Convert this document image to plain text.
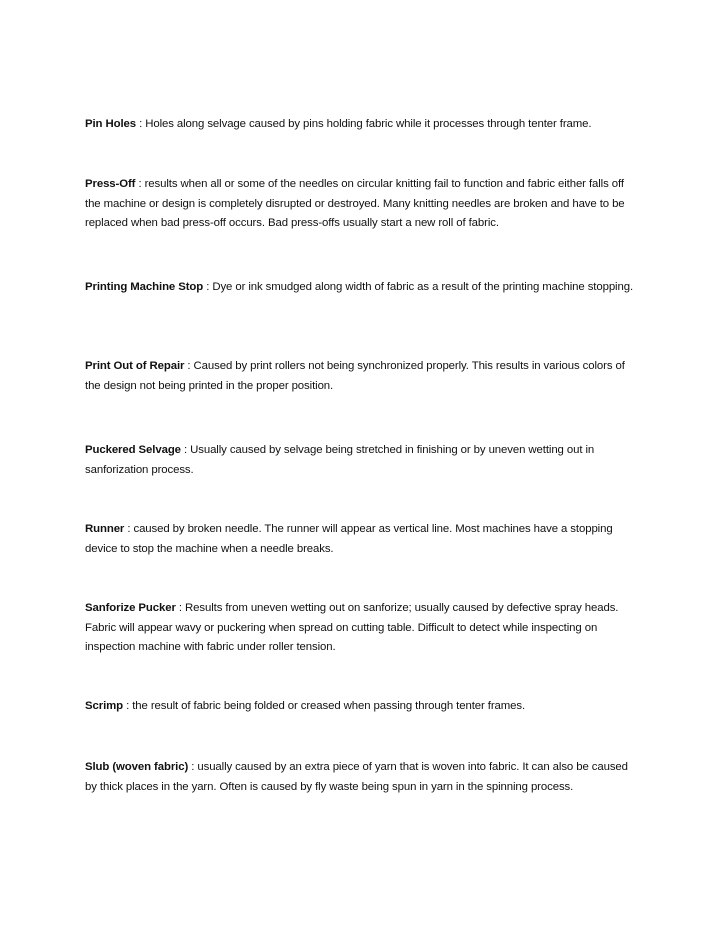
Pin Holes : Holes along selvage caused by pins holding fabric while it processes through tenter frame.

Press-Off : results when all or some of the needles on circular knitting fail to function and fabric either falls off the machine or design is completely disrupted or destroyed. Many knitting needles are broken and have to be replaced when bad press-off occurs. Bad press-offs usually start a new roll of fabric.

Printing Machine Stop : Dye or ink smudged along width of fabric as a result of the printing machine stopping.

Print Out of Repair : Caused by print rollers not being synchronized properly. This results in various colors of the design not being printed in the proper position.

Puckered Selvage : Usually caused by selvage being stretched in finishing or by uneven wetting out in sanforization process.

Runner : caused by broken needle. The runner will appear as vertical line. Most machines have a stopping device to stop the machine when a needle breaks.

Sanforize Pucker : Results from uneven wetting out on sanforize; usually caused by defective spray heads. Fabric will appear wavy or puckering when spread on cutting table. Difficult to detect while inspecting on inspection machine with fabric under roller tension.

Scrimp : the result of fabric being folded or creased when passing through tenter frames.

Slub (woven fabric) : usually caused by an extra piece of yarn that is woven into fabric. It can also be caused by thick places in the yarn. Often is caused by fly waste being spun in yarn in the spinning process.
